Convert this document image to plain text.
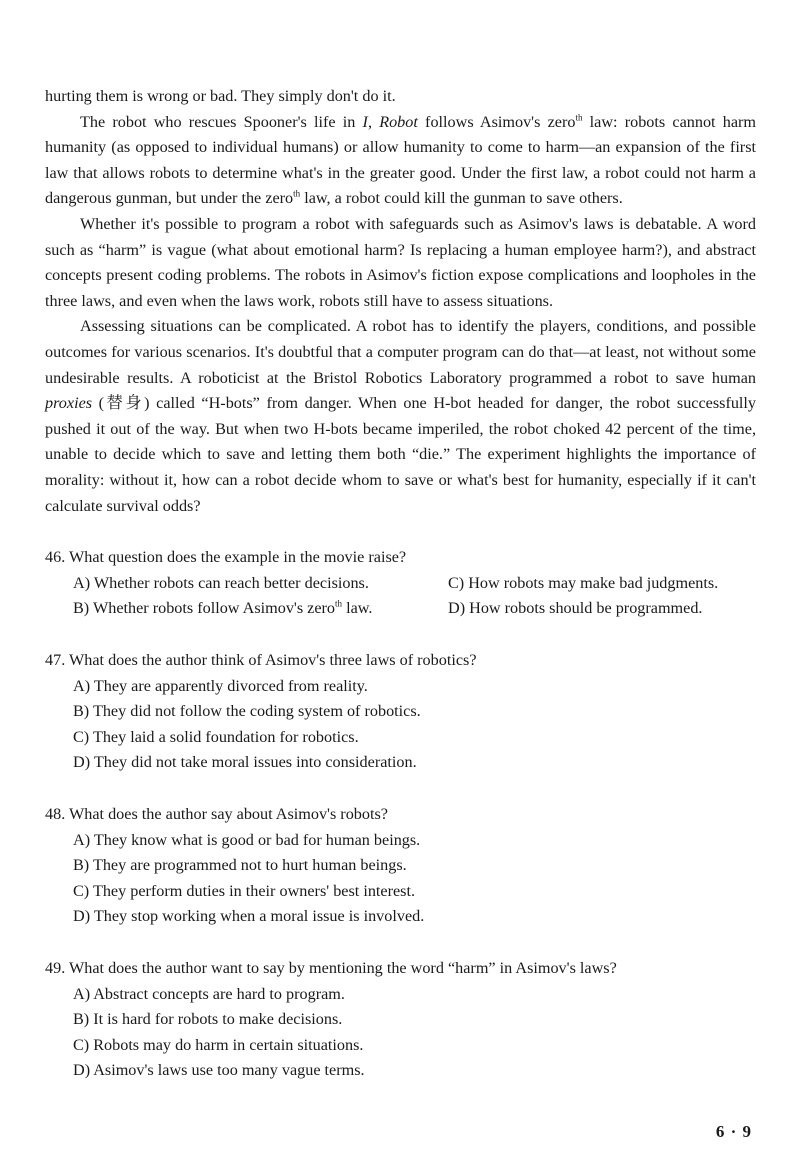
hurting them is wrong or bad. They simply don't do it.

The robot who rescues Spooner's life in I, Robot follows Asimov's zero$^{th}$ law: robots cannot harm humanity (as opposed to individual humans) or allow humanity to come to harm—an expansion of the first law that allows robots to determine what's in the greater good. Under the first law, a robot could not harm a dangerous gunman, but under the zero$^{th}$ law, a robot could kill the gunman to save others.

Whether it's possible to program a robot with safeguards such as Asimov's laws is debatable. A word such as “harm” is vague (what about emotional harm? Is replacing a human employee harm?), and abstract concepts present coding problems. The robots in Asimov's fiction expose complications and loopholes in the three laws, and even when the laws work, robots still have to assess situations.

Assessing situations can be complicated. A robot has to identify the players, conditions, and possible outcomes for various scenarios. It's doubtful that a computer program can do that—at least, not without some undesirable results. A roboticist at the Bristol Robotics Laboratory programmed a robot to save human proxies (替身) called “H-bots” from danger. When one H-bot headed for danger, the robot successfully pushed it out of the way. But when two H-bots became imperiled, the robot choked 42 percent of the time, unable to decide which to save and letting them both “die.” The experiment highlights the importance of morality: without it, how can a robot decide whom to save or what's best for humanity, especially if it can't calculate survival odds?

46. What question does the example in the movie raise?
A) Whether robots can reach better decisions.	C) How robots may make bad judgments.
B) Whether robots follow Asimov's zero$^{th}$ law.	D) How robots should be programmed.
47. What does the author think of Asimov's three laws of robotics?
A) They are apparently divorced from reality.
B) They did not follow the coding system of robotics.
C) They laid a solid foundation for robotics.
D) They did not take moral issues into consideration.
48. What does the author say about Asimov's robots?
A) They know what is good or bad for human beings.
B) They are programmed not to hurt human beings.
C) They perform duties in their owners' best interest.
D) They stop working when a moral issue is involved.
49. What does the author want to say by mentioning the word “harm” in Asimov's laws?
A) Abstract concepts are hard to program.
B) It is hard for robots to make decisions.
C) Robots may do harm in certain situations.
D) Asimov's laws use too many vague terms.
6 · 9
